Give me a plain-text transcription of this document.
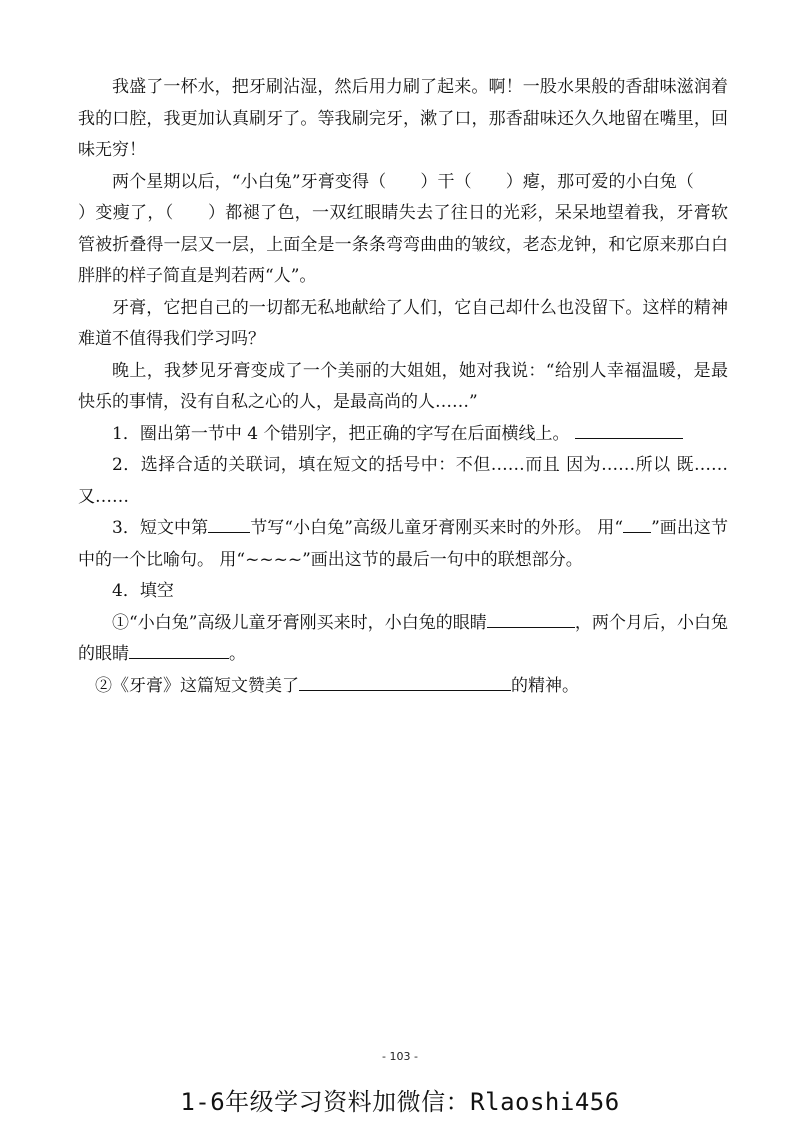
我盛了一杯水，把牙刷沾湿，然后用力刷了起来。啊！一股水果般的香甜味滋润着我的口腔，我更加认真刷牙了。等我刷完牙，漱了口，那香甜味还久久地留在嘴里，回味无穷！

两个星期以后，“小白兔”牙膏变得（ ）干（ ）瘪，那可爱的小白兔（）变瘦了，（ ）都褪了色，一双红眼睛失去了往日的光彩，呆呆地望着我，牙膏软管被折叠得一层又一层，上面全是一条条弯弯曲曲的皱纹，老态龙钟，和它原来那白白胖胖的样子简直是判若两“人”。

牙膏，它把自己的一切都无私地献给了人们，它自己却什么也没留下。这样的精神难道不值得我们学习吗？

晚上，我梦见牙膏变成了一个美丽的大姐姐，她对我说：“给别人幸福温暖，是最快乐的事情，没有自私之心的人，是最高尚的人……”

1．圈出第一节中 4 个错别字，把正确的字写在后面横线上。

2．选择合适的关联词，填在短文的括号中：不但……而且 因为……所以 既……又……

3．短文中第 节写“小白兔”高级儿童牙膏刚买来时的外形。 用“ ”画出这节中的一个比喻句。 用“~~~~”画出这节的最后一句中的联想部分。

4．填空

①“小白兔”高级儿童牙膏刚买来时，小白兔的眼睛	，两个月后，小白兔的眼睛	。

②《牙膏》这篇短文赞美了	的精神。

- 103 -
1-6年级学习资料加微信：Rlaoshi456
